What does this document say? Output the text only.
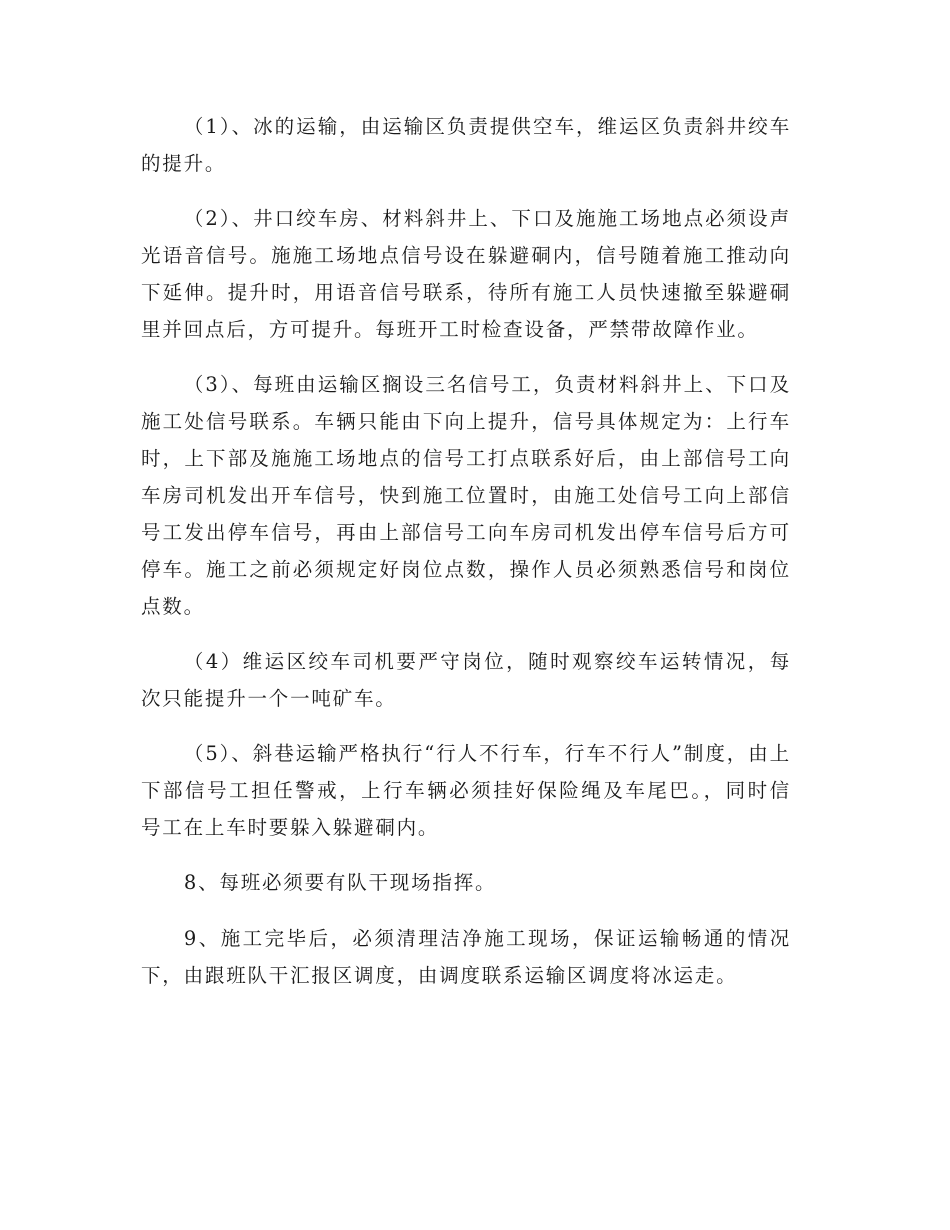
（1）、冰的运输，由运输区负责提供空车，维运区负责斜井绞车的提升。

（2）、井口绞车房、材料斜井上、下口及施施工场地点必须设声光语音信号。施施工场地点信号设在躲避硐内，信号随着施工推动向下延伸。提升时，用语音信号联系，待所有施工人员快速撤至躲避硐里并回点后，方可提升。每班开工时检查设备，严禁带故障作业。

（3）、每班由运输区搁设三名信号工，负责材料斜井上、下口及施工处信号联系。车辆只能由下向上提升，信号具体规定为：上行车时，上下部及施施工场地点的信号工打点联系好后，由上部信号工向车房司机发出开车信号，快到施工位置时，由施工处信号工向上部信号工发出停车信号，再由上部信号工向车房司机发出停车信号后方可停车。施工之前必须规定好岗位点数，操作人员必须熟悉信号和岗位点数。

（4）维运区绞车司机要严守岗位，随时观察绞车运转情况，每次只能提升一个一吨矿车。

（5）、斜巷运输严格执行“行人不行车，行车不行人”制度，由上下部信号工担任警戒，上行车辆必须挂好保险绳及车尾巴。，同时信号工在上车时要躲入躲避硐内。

8、每班必须要有队干现场指挥。

9、施工完毕后，必须清理洁净施工现场，保证运输畅通的情况下，由跟班队干汇报区调度，由调度联系运输区调度将冰运走。
